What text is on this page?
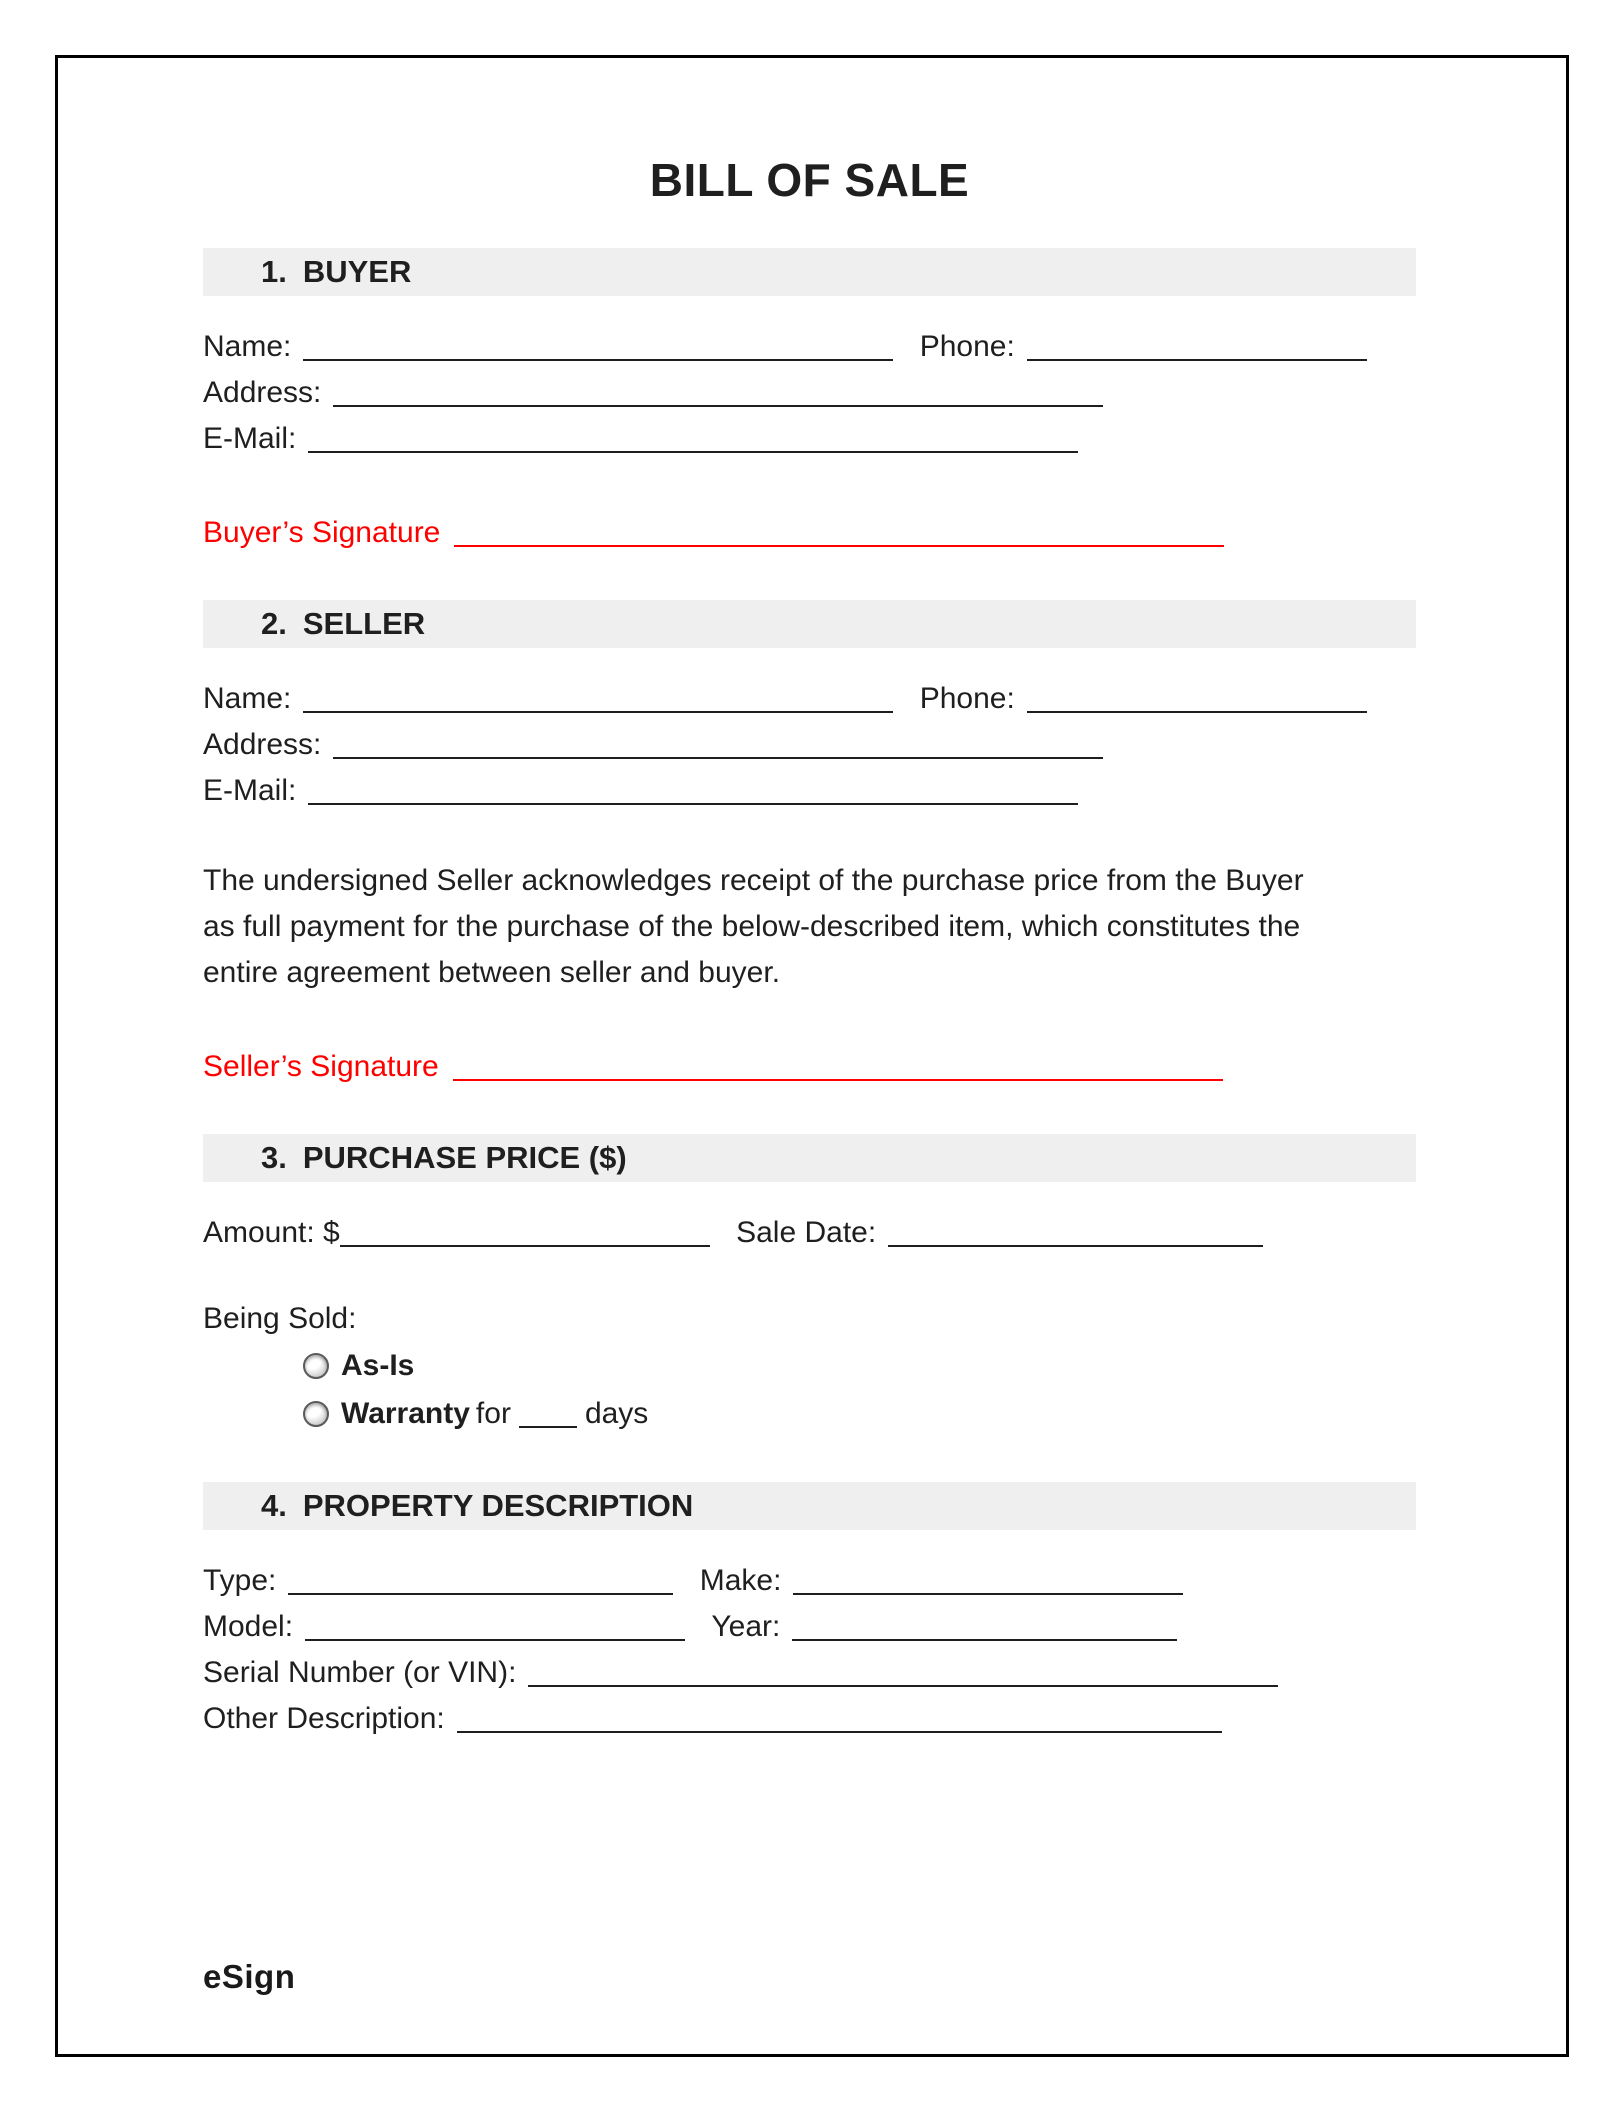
BILL OF SALE
1. BUYER
Name:	Phone:
Address:
E-Mail:
Buyer’s Signature
2. SELLER
Name:	Phone:
Address:
E-Mail:

The undersigned Seller acknowledges receipt of the purchase price from the Buyer as full payment for the purchase of the below-described item, which constitutes the entire agreement between seller and buyer.

Seller’s Signature
3. PURCHASE PRICE ($)
Amount: $	Sale Date:
Being Sold:
As-Is
Warranty for days
4. PROPERTY DESCRIPTION
Type:	Make:
Model:	Year:
Serial Number (or VIN):
Other Description:
eSign
